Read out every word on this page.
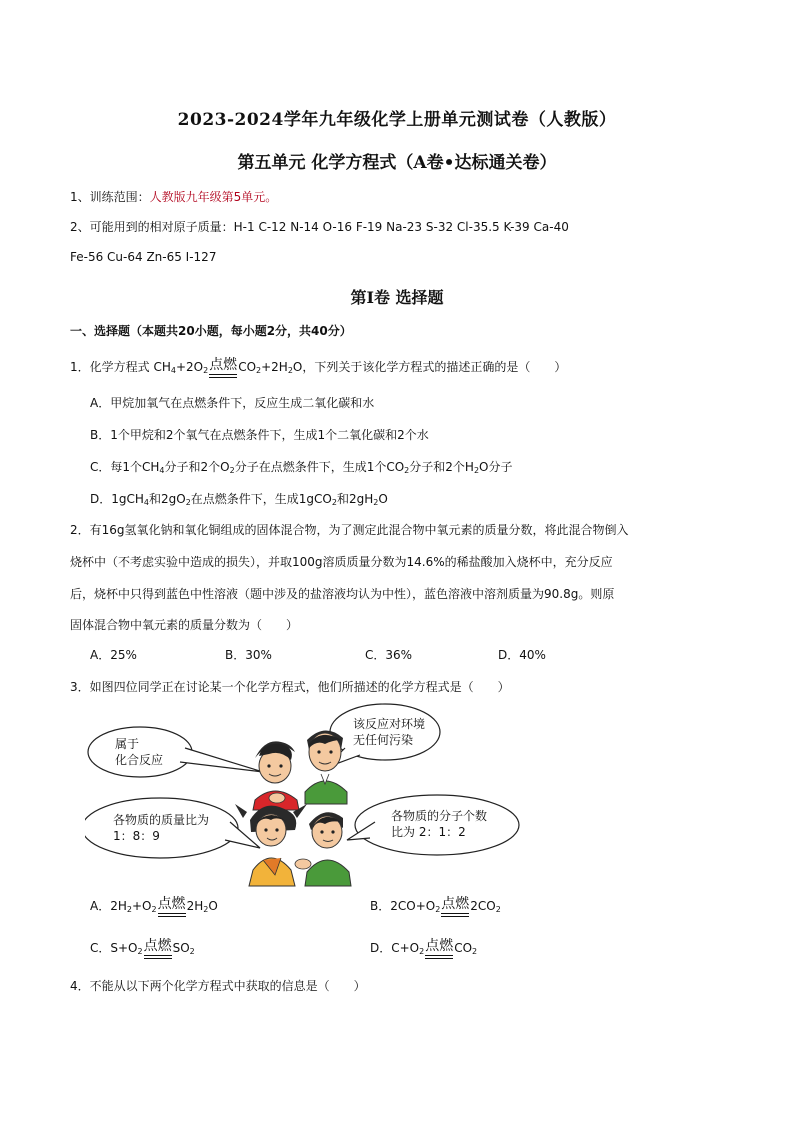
2023-2024学年九年级化学上册单元测试卷（人教版）
第五单元 化学方程式（A卷•达标通关卷）
1、训练范围：人教版九年级第5单元。
2、可能用到的相对原子质量：H-1 C-12 N-14 O-16 F-19 Na-23 S-32 Cl-35.5 K-39 Ca-40
Fe-56 Cu-64 Zn-65 I-127
第Ⅰ卷 选择题
一、选择题（本题共20小题，每小题2分，共40分）
1．化学方程式 $CH_4+2O_2$ 点燃 $CO_2+2H_2O$，下列关于该化学方程式的描述正确的是（　　）
A．甲烷加氧气在点燃条件下，反应生成二氧化碳和水
B．1个甲烷和2个氧气在点燃条件下，生成1个二氧化碳和2个水
C．每1个$CH_4$分子和2个$O_2$分子在点燃条件下，生成1个$CO_2$分子和2个$H_2O$分子
D．1gCH$_4$和$2gO_2$在点燃条件下，生成1gCO$_2$和$2gH_2O$
2．有16g氢氧化钠和氧化铜组成的固体混合物，为了测定此混合物中氧元素的质量分数，将此混合物倒入
烧杯中（不考虑实验中造成的损失），并取100g溶质质量分数为14.6%的稀盐酸加入烧杯中，充分反应
后，烧杯中只得到蓝色中性溶液（题中涉及的盐溶液均认为中性），蓝色溶液中溶剂质量为90.8g。则原
固体混合物中氧元素的质量分数为（　　）
A．25%	B．30%	C．36%	D．40%
3．如图四位同学正在讨论某一个化学方程式，他们所描述的化学方程式是（　　）
属于
化合反应
该反应对环境
无任何污染
各物质的质量比为
1：8：9
各物质的分子个数
比为 2：1：2
A．$2H_2+O_2$ 点燃 $2H_2O$	B．$2CO+O_2$ 点燃 $2CO_2$
C．$S+O_2$ 点燃 $SO_2$	D．$C+O_2$ 点燃 $CO_2$
4．不能从以下两个化学方程式中获取的信息是（　　）
